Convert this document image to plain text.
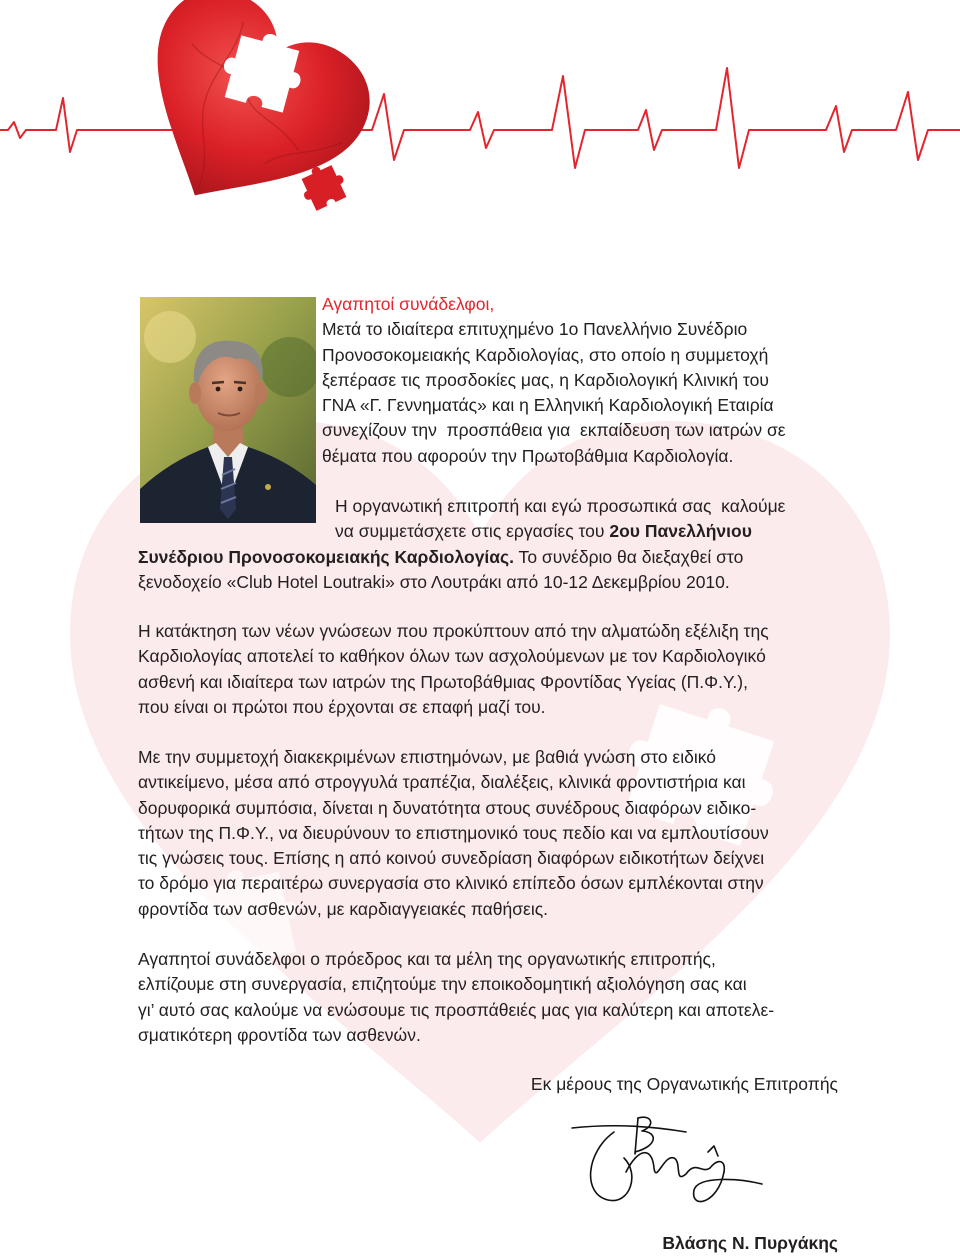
Αγαπητοί συνάδελφοι,
Μετά το ιδιαίτερα επιτυχημένο 1ο Πανελλήνιο Συνέδριο
Προνοσοκομειακής Καρδιολογίας, στο οποίο η συμμετοχή
ξεπέρασε τις προσδοκίες μας, η Καρδιολογική Κλινική του
ΓΝΑ «Γ. Γεννηματάς» και η Ελληνική Καρδιολογική Εταιρία
συνεχίζουν την  προσπάθεια για  εκπαίδευση των ιατρών σε
θέματα που αφορούν την Πρωτοβάθμια Καρδιολογία.
Η οργανωτική επιτροπή και εγώ προσωπικά σας  καλούμε
να συμμετάσχετε στις εργασίες του 2ου Πανελλήνιου
Συνέδριου Προνοσοκομειακής Καρδιολογίας. Το συνέδριο θα διεξαχθεί στο
ξενοδοχείο «Club Hotel Loutraki» στο Λουτράκι από 10-12 Δεκεμβρίου 2010.
Η κατάκτηση των νέων γνώσεων που προκύπτουν από την αλματώδη εξέλιξη της
Καρδιολογίας αποτελεί το καθήκον όλων των ασχολούμενων με τον Καρδιολογικό
ασθενή και ιδιαίτερα των ιατρών της Πρωτοβάθμιας Φροντίδας Υγείας (Π.Φ.Υ.),
που είναι οι πρώτοι που έρχονται σε επαφή μαζί του.
Με την συμμετοχή διακεκριμένων επιστημόνων, με βαθιά γνώση στο ειδικό
αντικείμενο, μέσα από στρογγυλά τραπέζια, διαλέξεις, κλινικά φροντιστήρια και
δορυφορικά συμπόσια, δίνεται η δυνατότητα στους συνέδρους διαφόρων ειδικο-
τήτων της Π.Φ.Υ., να διευρύνουν το επιστημονικό τους πεδίο και να εμπλουτίσουν
τις γνώσεις τους. Επίσης η από κοινού συνεδρίαση διαφόρων ειδικοτήτων δείχνει
το δρόμο για περαιτέρω συνεργασία στο κλινικό επίπεδο όσων εμπλέκονται στην
φροντίδα των ασθενών, με καρδιαγγειακές παθήσεις.
Αγαπητοί συνάδελφοι ο πρόεδρος και τα μέλη της οργανωτικής επιτροπής,
ελπίζουμε στη συνεργασία, επιζητούμε την εποικοδομητική αξιολόγηση σας και
γι’ αυτό σας καλούμε να ενώσουμε τις προσπάθειές μας για καλύτερη και αποτελε-
σματικότερη φροντίδα των ασθενών.
Εκ μέρους της Οργανωτικής Επιτροπής
Βλάσης Ν. Πυργάκης
